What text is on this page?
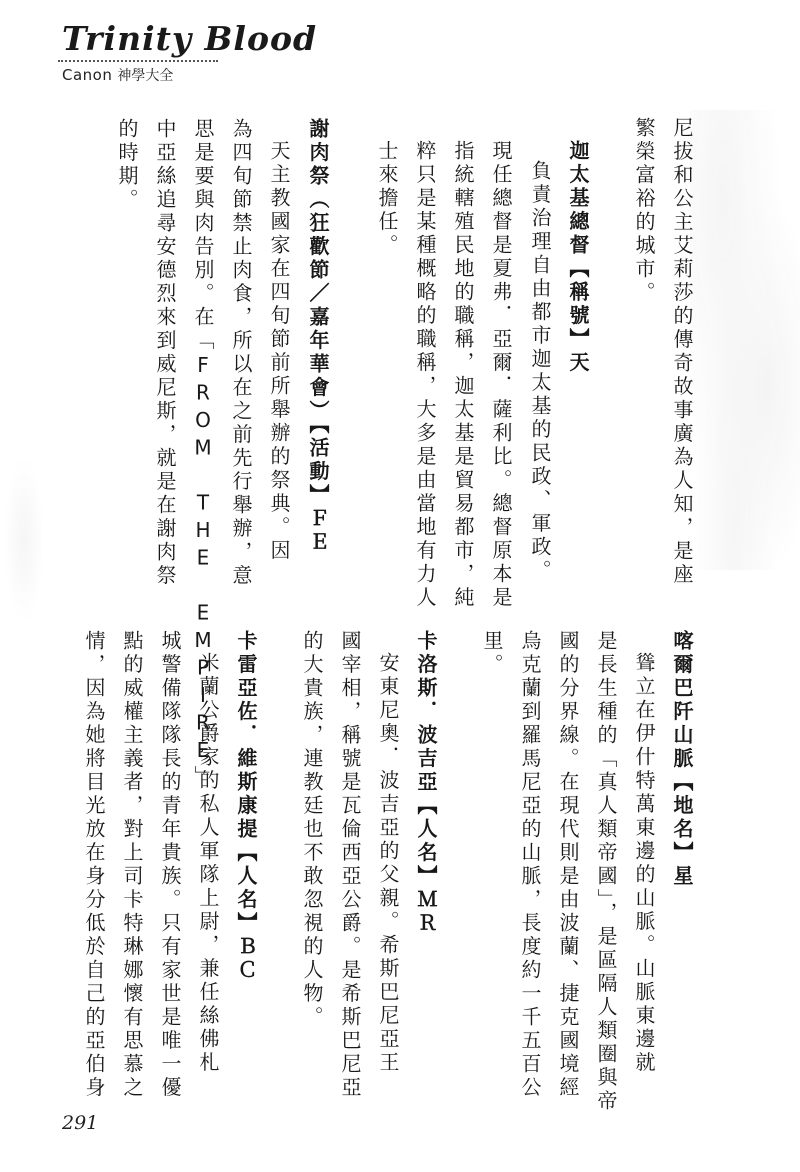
Trinity Blood
Canon 神學大全
尼拔和公主艾莉莎的傳奇故事廣為人知，是座
繁榮富裕的城市。
迦太基總督【稱號】天
負責治理自由都市迦太基的民政、軍政。
現任總督是夏弗．亞爾．薩利比。總督原本是
指統轄殖民地的職稱，迦太基是貿易都市，純
粹只是某種概略的職稱，大多是由當地有力人
士來擔任。
謝肉祭（狂歡節／嘉年華會）【活動】ＦＥ
天主教國家在四旬節前所舉辦的祭典。因
為四旬節禁止肉食，所以在之前先行舉辦，意
思是要與肉告別。在「FROM THE EMPIRE」
中亞絲追尋安德烈來到威尼斯，就是在謝肉祭
的時期。
喀爾巴阡山脈【地名】星
聳立在伊什特萬東邊的山脈。山脈東邊就
是長生種的「真人類帝國」，是區隔人類圈與帝
國的分界線。在現代則是由波蘭、捷克國境經
烏克蘭到羅馬尼亞的山脈，長度約一千五百公
里。
卡洛斯．波吉亞【人名】ＭＲ
安東尼奧．波吉亞的父親。希斯巴尼亞王
國宰相，稱號是瓦倫西亞公爵。是希斯巴尼亞
的大貴族，連教廷也不敢忽視的人物。
卡雷亞佐．維斯康提【人名】ＢＣ
米蘭公爵家的私人軍隊上尉，兼任絲佛札
城警備隊隊長的青年貴族。只有家世是唯一優
點的威權主義者，對上司卡特琳娜懷有思慕之
情，因為她將目光放在身分低於自己的亞伯身
291
